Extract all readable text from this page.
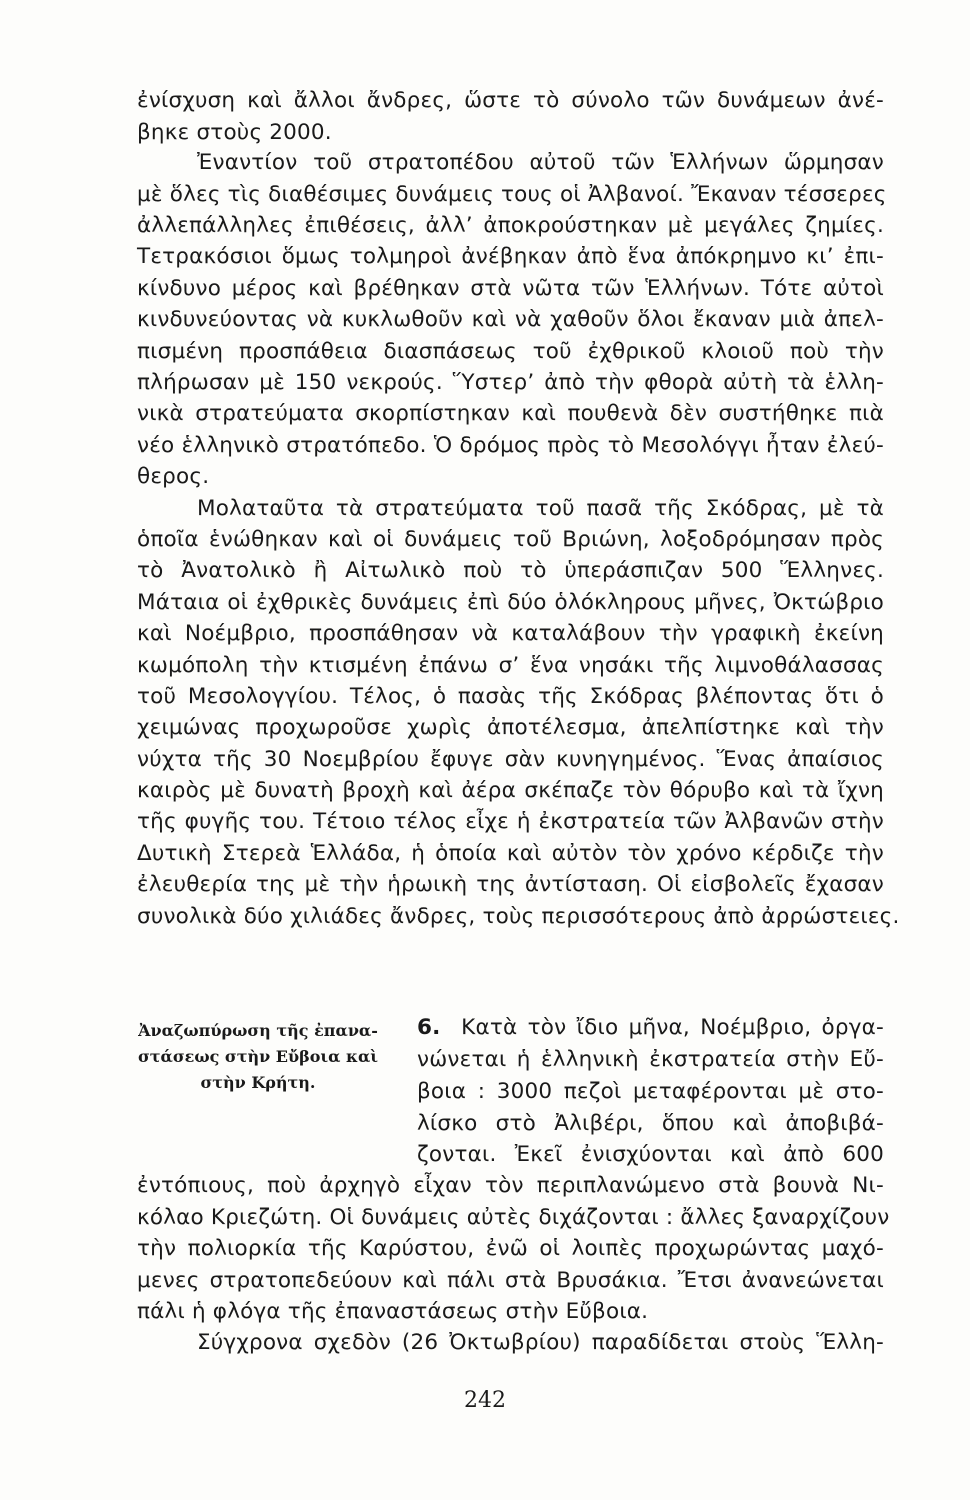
ἐνίσχυση καὶ ἄλλοι ἄνδρες, ὥστε τὸ σύνολο τῶν δυνάμεων ἀνέ-
βηκε στοὺς 2000.
Ἐναντίον τοῦ στρατοπέδου αὐτοῦ τῶν Ἑλλήνων ὥρμησαν
μὲ ὅλες τὶς διαθέσιμες δυνάμεις τους οἱ Ἀλβανοί. Ἔκαναν τέσσερες
ἀλλεπάλληλες ἐπιθέσεις, ἀλλ’ ἀποκρούστηκαν μὲ μεγάλες ζημίες.
Τετρακόσιοι ὅμως τολμηροὶ ἀνέβηκαν ἀπὸ ἕνα ἀπόκρημνο κι’ ἐπι-
κίνδυνο μέρος καὶ βρέθηκαν στὰ νῶτα τῶν Ἑλλήνων. Τότε αὐτοὶ
κινδυνεύοντας νὰ κυκλωθοῦν καὶ νὰ χαθοῦν ὅλοι ἔκαναν μιὰ ἀπελ-
πισμένη προσπάθεια διασπάσεως τοῦ ἐχθρικοῦ κλοιοῦ ποὺ τὴν
πλήρωσαν μὲ 150 νεκρούς. Ὕστερ’ ἀπὸ τὴν φθορὰ αὐτὴ τὰ ἑλλη-
νικὰ στρατεύματα σκορπίστηκαν καὶ πουθενὰ δὲν συστήθηκε πιὰ
νέο ἑλληνικὸ στρατόπεδο. Ὁ δρόμος πρὸς τὸ Μεσολόγγι ἦταν ἐλεύ-
θερος.
Μολαταῦτα τὰ στρατεύματα τοῦ πασᾶ τῆς Σκόδρας, μὲ τὰ
ὁποῖα ἑνώθηκαν καὶ οἱ δυνάμεις τοῦ Βριώνη, λοξοδρόμησαν πρὸς
τὸ Ἀνατολικὸ ἢ Αἰτωλικὸ ποὺ τὸ ὑπεράσπιζαν 500 Ἕλληνες.
Μάταια οἱ ἐχθρικὲς δυνάμεις ἐπὶ δύο ὁλόκληρους μῆνες, Ὀκτώβριο
καὶ Νοέμβριο, προσπάθησαν νὰ καταλάβουν τὴν γραφικὴ ἐκείνη
κωμόπολη τὴν κτισμένη ἐπάνω σ’ ἕνα νησάκι τῆς λιμνοθάλασσας
τοῦ Μεσολογγίου. Τέλος, ὁ πασὰς τῆς Σκόδρας βλέποντας ὅτι ὁ
χειμώνας προχωροῦσε χωρὶς ἀποτέλεσμα, ἀπελπίστηκε καὶ τὴν
νύχτα τῆς 30 Νοεμβρίου ἔφυγε σὰν κυνηγημένος. Ἕνας ἀπαίσιος
καιρὸς μὲ δυνατὴ βροχὴ καὶ ἀέρα σκέπαζε τὸν θόρυβο καὶ τὰ ἴχνη
τῆς φυγῆς του. Τέτοιο τέλος εἶχε ἡ ἐκστρατεία τῶν Ἀλβανῶν στὴν
Δυτικὴ Στερεὰ Ἑλλάδα, ἡ ὁποία καὶ αὐτὸν τὸν χρόνο κέρδιζε τὴν
ἐλευθερία της μὲ τὴν ἡρωικὴ της ἀντίσταση. Οἱ εἰσβολεῖς ἔχασαν
συνολικὰ δύο χιλιάδες ἄνδρες, τοὺς περισσότερους ἀπὸ ἀρρώστειες.
Ἀναζωπύρωση τῆς ἐπανα-
στάσεως στὴν Εὔβοια καὶ
στὴν Κρήτη.
6. Κατὰ τὸν ἴδιο μῆνα, Νοέμβριο, ὀργα-
νώνεται ἡ ἑλληνικὴ ἐκστρατεία στὴν Εὔ-
βοια : 3000 πεζοὶ μεταφέρονται μὲ στο-
λίσκο στὸ Ἀλιβέρι, ὅπου καὶ ἀποβιβά-
ζονται. Ἐκεῖ ἐνισχύονται καὶ ἀπὸ 600
ἐντόπιους, ποὺ ἀρχηγὸ εἶχαν τὸν περιπλανώμενο στὰ βουνὰ Νι-
κόλαο Κριεζώτη. Οἱ δυνάμεις αὐτὲς διχάζονται : ἄλλες ξαναρχίζουν
τὴν πολιορκία τῆς Καρύστου, ἐνῶ οἱ λοιπὲς προχωρώντας μαχό-
μενες στρατοπεδεύουν καὶ πάλι στὰ Βρυσάκια. Ἔτσι ἀνανεώνεται
πάλι ἡ φλόγα τῆς ἐπαναστάσεως στὴν Εὔβοια.
Σύγχρονα σχεδὸν (26 Ὀκτωβρίου) παραδίδεται στοὺς Ἕλλη-
242
